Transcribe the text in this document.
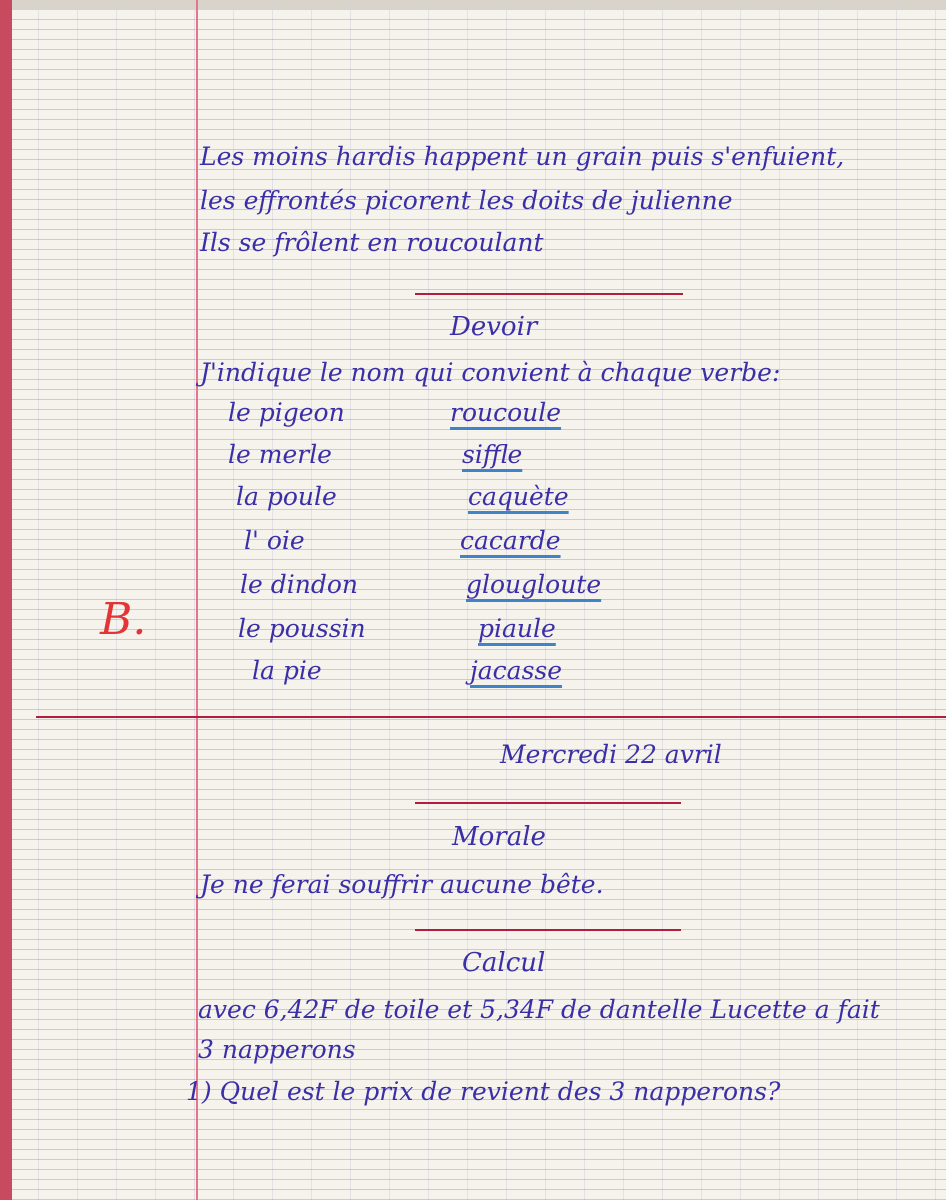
Les moins hardis happent un grain puis s'enfuient,
les effrontés picorent les doits de julienne
Ils se frôlent en roucoulant
Devoir
J'indique le nom qui convient à chaque verbe:
le pigeon	roucoule
le merle	siffle
la poule	caquète
l' oie	cacarde
le dindon	glougloute
le poussin	piaule
la pie	jacasse
B.
Mercredi 22 avril
Morale
Je ne ferai souffrir aucune bête.
Calcul
avec 6,42F de toile et 5,34F de dantelle Lucette a fait
3 napperons
1) Quel est le prix de revient des 3 napperons?
